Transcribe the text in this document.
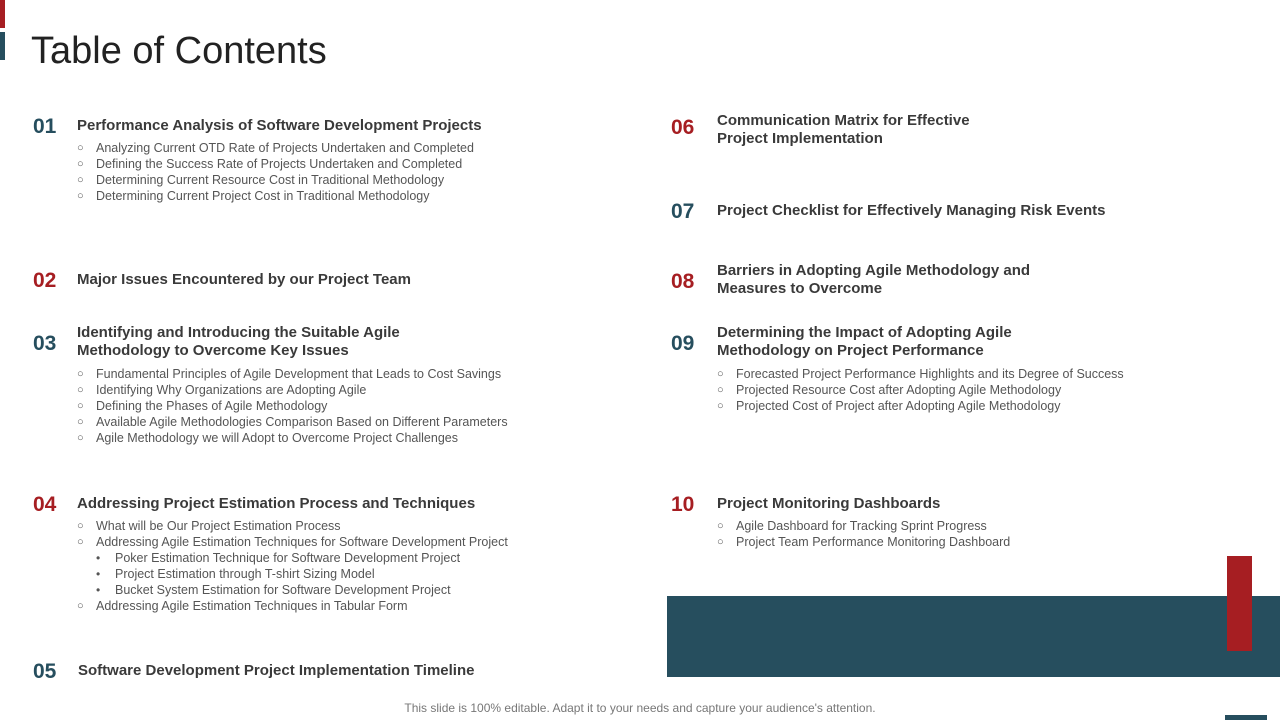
Table of Contents
01 Performance Analysis of Software Development Projects
○ Analyzing Current OTD Rate of Projects Undertaken and Completed
○ Defining the Success Rate of Projects Undertaken and Completed
○ Determining Current Resource Cost in Traditional Methodology
○ Determining Current Project Cost in Traditional Methodology
02 Major Issues Encountered by our Project Team
03 Identifying and Introducing the Suitable Agile
Methodology to Overcome Key Issues
○ Fundamental Principles of Agile Development that Leads to Cost Savings
○ Identifying Why Organizations are Adopting Agile
○ Defining the Phases of Agile Methodology
○ Available Agile Methodologies Comparison Based on Different Parameters
○ Agile Methodology we will Adopt to Overcome Project Challenges
04 Addressing Project Estimation Process and Techniques
○ What will be Our Project Estimation Process
○ Addressing Agile Estimation Techniques for Software Development Project
• Poker Estimation Technique for Software Development Project
• Project Estimation through T-shirt Sizing Model
• Bucket System Estimation for Software Development Project
○ Addressing Agile Estimation Techniques in Tabular Form
05 Software Development Project Implementation Timeline
06 Communication Matrix for Effective
Project Implementation
07 Project Checklist for Effectively Managing Risk Events
08 Barriers in Adopting Agile Methodology and
Measures to Overcome
09 Determining the Impact of Adopting Agile
Methodology on Project Performance
○ Forecasted Project Performance Highlights and its Degree of Success
○ Projected Resource Cost after Adopting Agile Methodology
○ Projected Cost of Project after Adopting Agile Methodology
10 Project Monitoring Dashboards
○ Agile Dashboard for Tracking Sprint Progress
○ Project Team Performance Monitoring Dashboard
This slide is 100% editable. Adapt it to your needs and capture your audience's attention.
